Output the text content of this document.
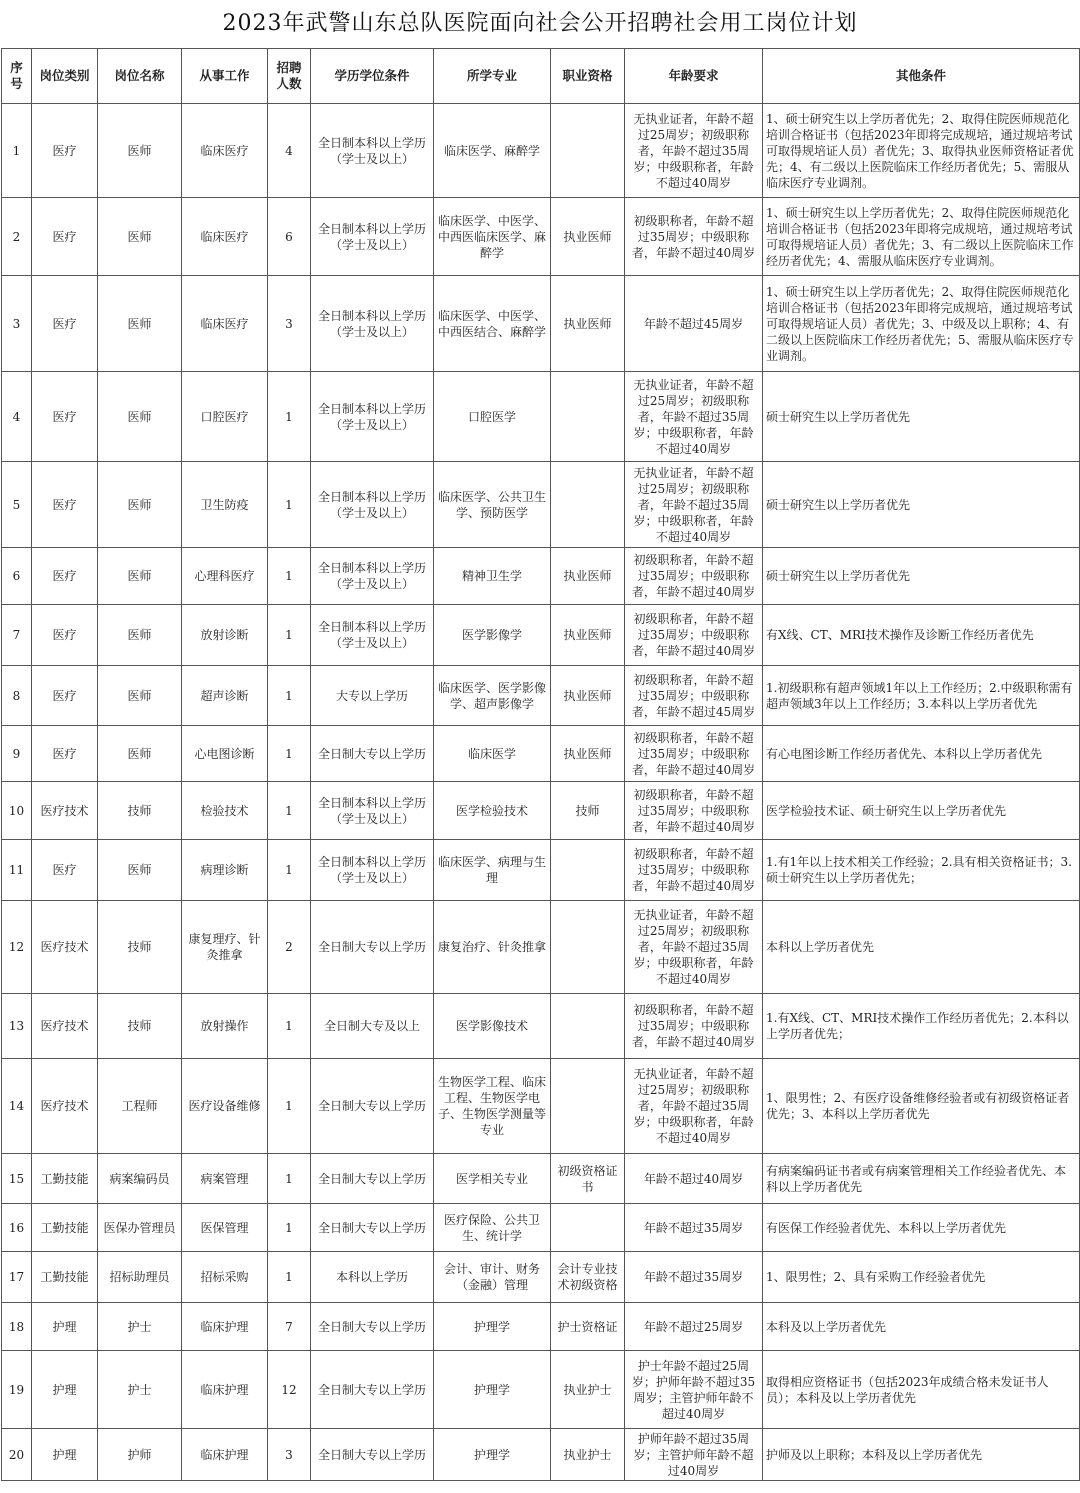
2023年武警山东总队医院面向社会公开招聘社会用工岗位计划
序号	岗位类别	岗位名称	从事工作	招聘人数	学历学位条件	所学专业	职业资格	年龄要求	其他条件
1	医疗	医师	临床医疗	4	全日制本科以上学历（学士及以上）	临床医学、麻醉学		无执业证者，年龄不超过25周岁；初级职称者，年龄不超过35周岁；中级职称者，年龄不超过40周岁	1、硕士研究生以上学历者优先；2、取得住院医师规范化培训合格证书（包括2023年即将完成规培，通过规培考试可取得规培证人员）者优先；3、取得执业医师资格证者优先；4、有二级以上医院临床工作经历者优先；5、需服从临床医疗专业调剂。
2	医疗	医师	临床医疗	6	全日制本科以上学历（学士及以上）	临床医学、中医学、中西医临床医学、麻醉学	执业医师	初级职称者，年龄不超过35周岁；中级职称者，年龄不超过40周岁	1、硕士研究生以上学历者优先；2、取得住院医师规范化培训合格证书（包括2023年即将完成规培，通过规培考试可取得规培证人员）者优先；3、有二级以上医院临床工作经历者优先；4、需服从临床医疗专业调剂。
3	医疗	医师	临床医疗	3	全日制本科以上学历（学士及以上）	临床医学、中医学、中西医结合、麻醉学	执业医师	年龄不超过45周岁	1、硕士研究生以上学历者优先；2、取得住院医师规范化培训合格证书（包括2023年即将完成规培，通过规培考试可取得规培证人员）者优先；3、中级及以上职称；4、有二级以上医院临床工作经历者优先；5、需服从临床医疗专业调剂。
4	医疗	医师	口腔医疗	1	全日制本科以上学历（学士及以上）	口腔医学		无执业证者，年龄不超过25周岁；初级职称者，年龄不超过35周岁；中级职称者，年龄不超过40周岁	硕士研究生以上学历者优先
5	医疗	医师	卫生防疫	1	全日制本科以上学历（学士及以上）	临床医学、公共卫生学、预防医学		无执业证者，年龄不超过25周岁；初级职称者，年龄不超过35周岁；中级职称者，年龄不超过40周岁	硕士研究生以上学历者优先
6	医疗	医师	心理科医疗	1	全日制本科以上学历（学士及以上）	精神卫生学	执业医师	初级职称者，年龄不超过35周岁；中级职称者，年龄不超过40周岁	硕士研究生以上学历者优先
7	医疗	医师	放射诊断	1	全日制本科以上学历（学士及以上）	医学影像学	执业医师	初级职称者，年龄不超过35周岁；中级职称者，年龄不超过40周岁	有X线、CT、MRI技术操作及诊断工作经历者优先
8	医疗	医师	超声诊断	1	大专以上学历	临床医学、医学影像学、超声影像学	执业医师	初级职称者，年龄不超过35周岁；中级职称者，年龄不超过45周岁	1.初级职称有超声领域1年以上工作经历；2.中级职称需有超声领域3年以上工作经历；3.本科以上学历者优先
9	医疗	医师	心电图诊断	1	全日制大专以上学历	临床医学	执业医师	初级职称者，年龄不超过35周岁；中级职称者，年龄不超过40周岁	有心电图诊断工作经历者优先、本科以上学历者优先
10	医疗技术	技师	检验技术	1	全日制本科以上学历（学士及以上）	医学检验技术	技师	初级职称者，年龄不超过35周岁；中级职称者，年龄不超过40周岁	医学检验技术证、硕士研究生以上学历者优先
11	医疗	医师	病理诊断	1	全日制本科以上学历（学士及以上）	临床医学、病理与生理		初级职称者，年龄不超过35周岁；中级职称者，年龄不超过40周岁	1.有1年以上技术相关工作经验；2.具有相关资格证书；3.硕士研究生以上学历者优先；
12	医疗技术	技师	康复理疗、针灸推拿	2	全日制大专以上学历	康复治疗、针灸推拿		无执业证者，年龄不超过25周岁；初级职称者，年龄不超过35周岁；中级职称者，年龄不超过40周岁	本科以上学历者优先
13	医疗技术	技师	放射操作	1	全日制大专及以上	医学影像技术		初级职称者，年龄不超过35周岁；中级职称者，年龄不超过40周岁	1.有X线、CT、MRI技术操作工作经历者优先；2.本科以上学历者优先；
14	医疗技术	工程师	医疗设备维修	1	全日制大专以上学历	生物医学工程、临床工程、生物医学电子、生物医学测量等专业		无执业证者，年龄不超过25周岁；初级职称者，年龄不超过35周岁；中级职称者，年龄不超过40周岁	1、限男性；2、有医疗设备维修经验者或有初级资格证者优先；3、本科以上学历者优先
15	工勤技能	病案编码员	病案管理	1	全日制大专以上学历	医学相关专业	初级资格证书	年龄不超过40周岁	有病案编码证书者或有病案管理相关工作经验者优先、本科以上学历者优先
16	工勤技能	医保办管理员	医保管理	1	全日制大专以上学历	医疗保险、公共卫生、统计学		年龄不超过35周岁	有医保工作经验者优先、本科以上学历者优先
17	工勤技能	招标助理员	招标采购	1	本科以上学历	会计、审计、财务（金融）管理	会计专业技术初级资格	年龄不超过35周岁	1、限男性；2、具有采购工作经验者优先
18	护理	护士	临床护理	7	全日制大专以上学历	护理学	护士资格证	年龄不超过25周岁	本科及以上学历者优先
19	护理	护士	临床护理	12	全日制大专以上学历	护理学	执业护士	护士年龄不超过25周岁；护师年龄不超过35周岁；主管护师年龄不超过40周岁	取得相应资格证书（包括2023年成绩合格未发证书人员）；本科及以上学历者优先
20	护理	护师	临床护理	3	全日制大专以上学历	护理学	执业护士	护师年龄不超过35周岁；主管护师年龄不超过40周岁	护师及以上职称；本科及以上学历者优先
